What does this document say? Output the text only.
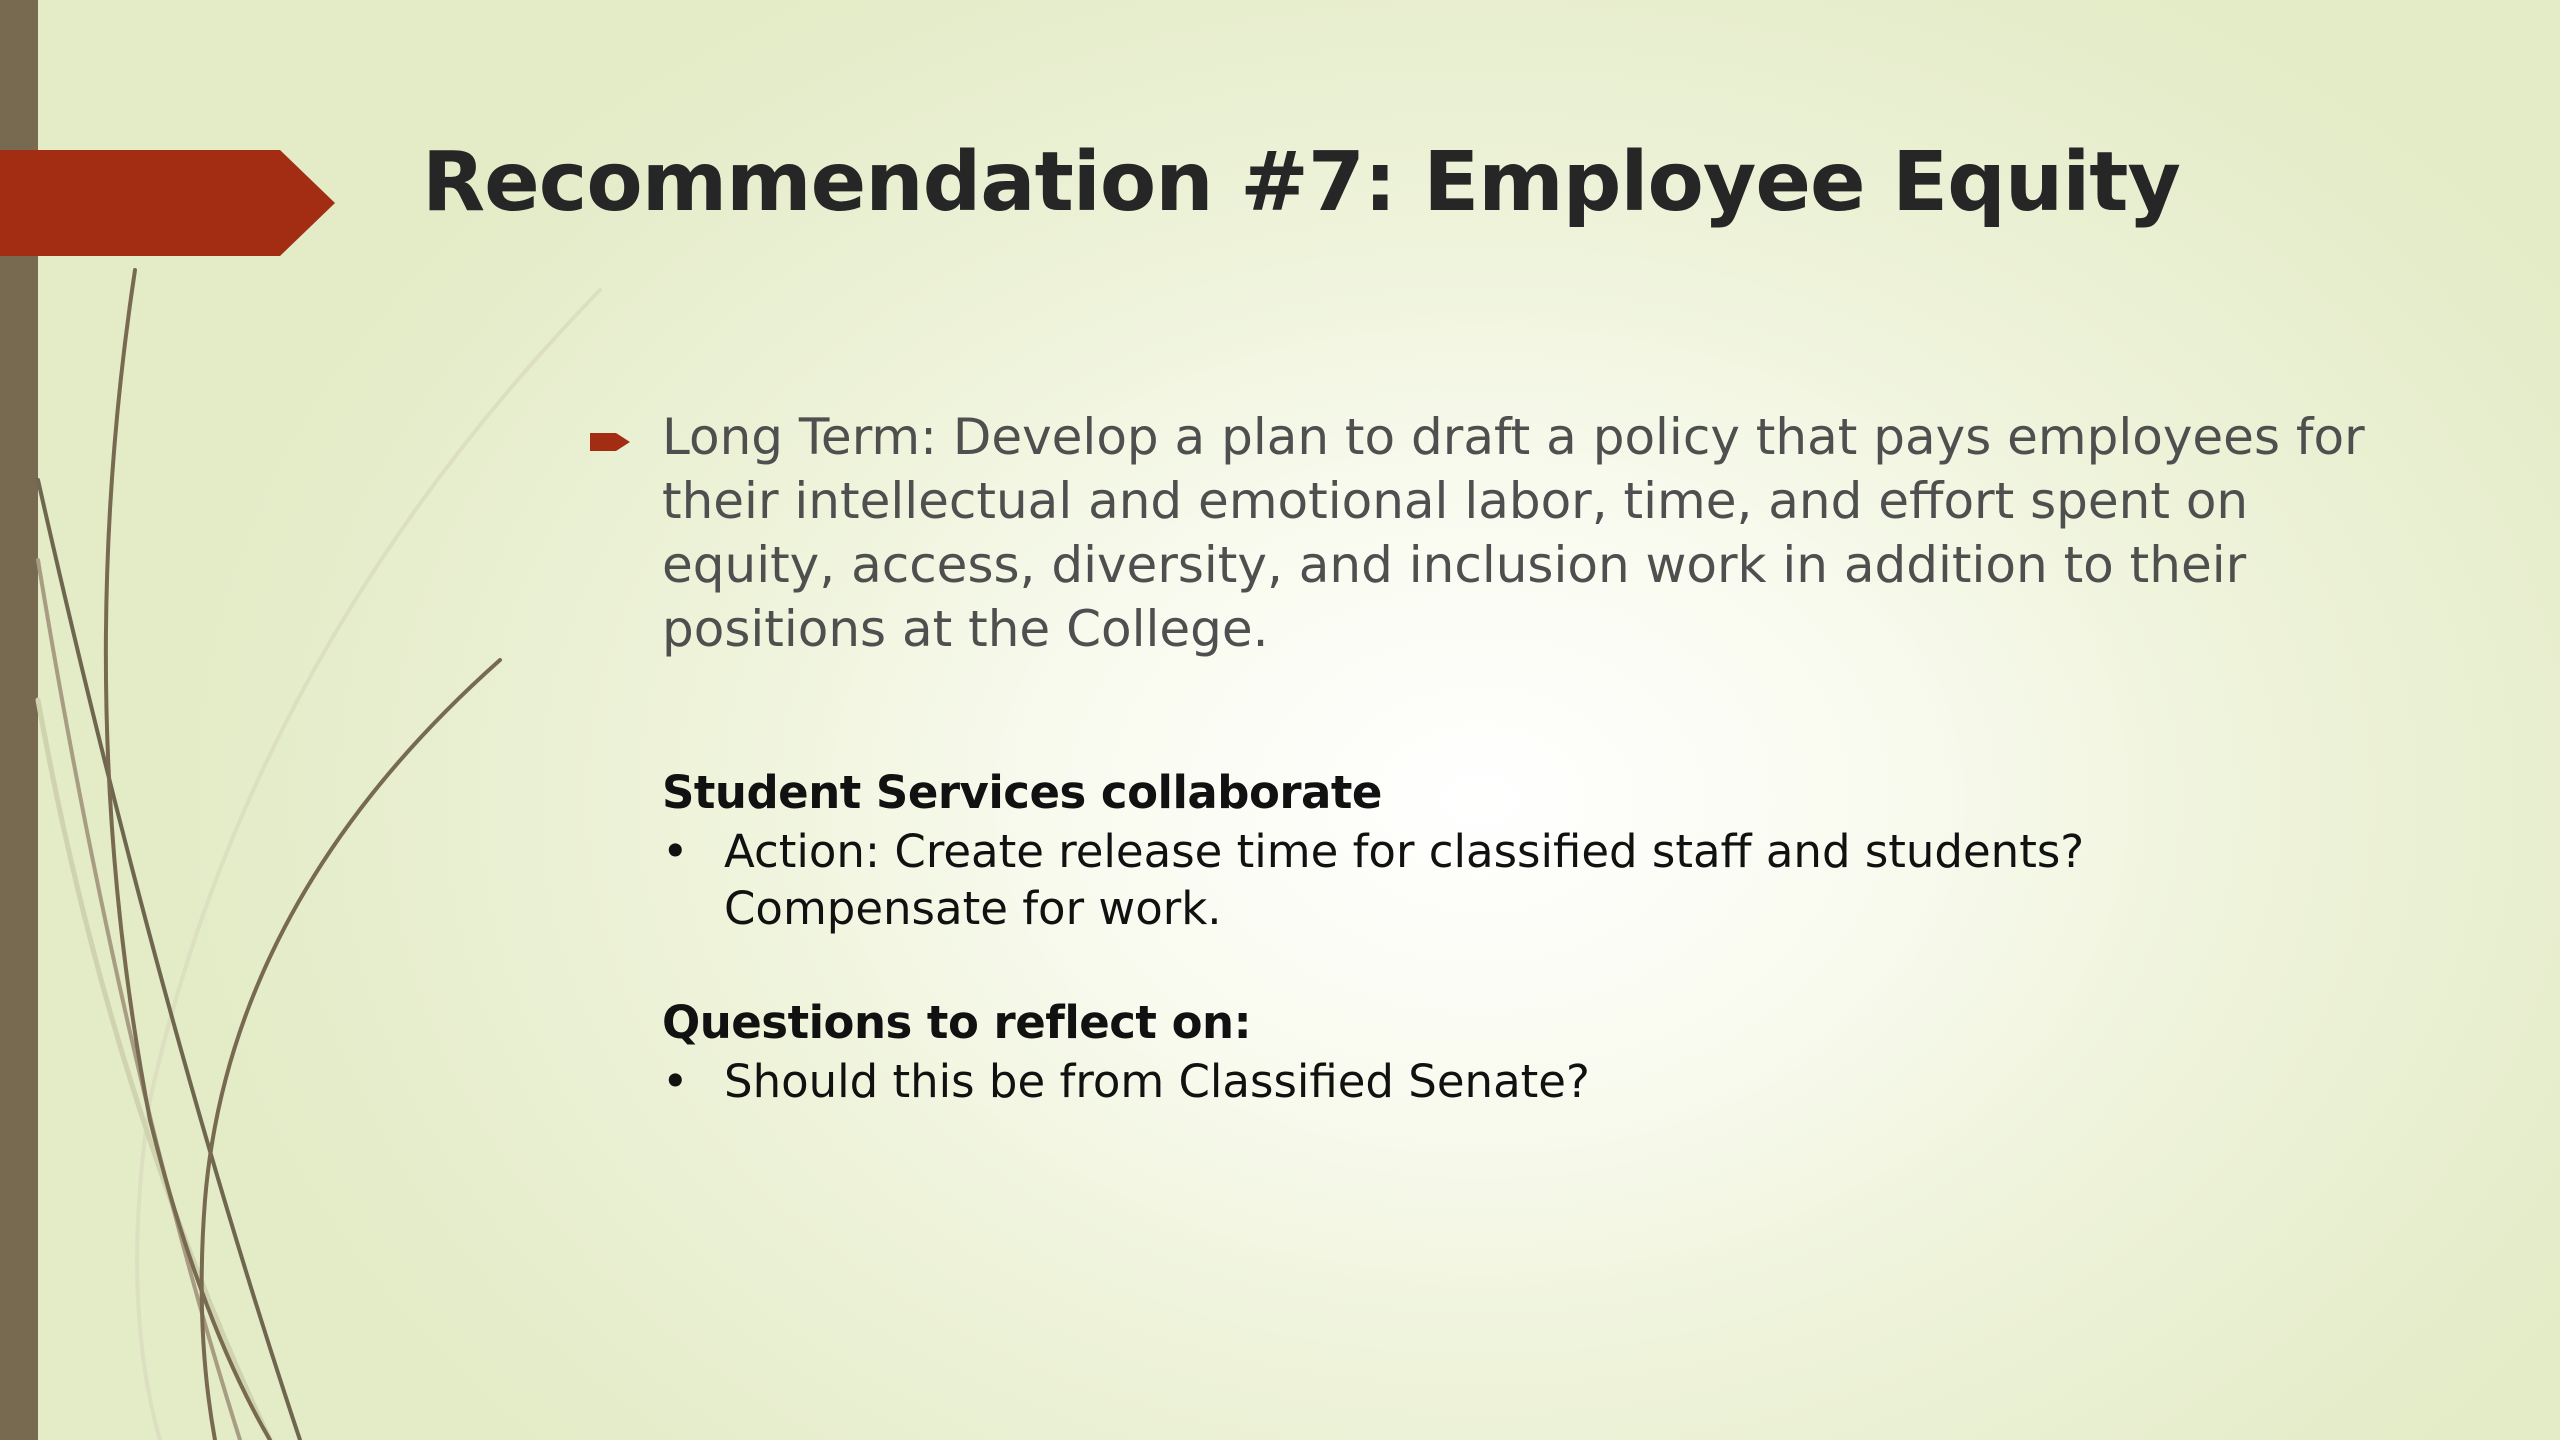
Recommendation #7: Employee Equity
Long Term: Develop a plan to draft a policy that pays employees for their intellectual and emotional labor, time, and effort spent on equity, access, diversity, and inclusion work in addition to their positions at the College.
Student Services collaborate
• Action: Create release time for classified staff and students? Compensate for work.
Questions to reflect on:
• Should this be from Classified Senate?
